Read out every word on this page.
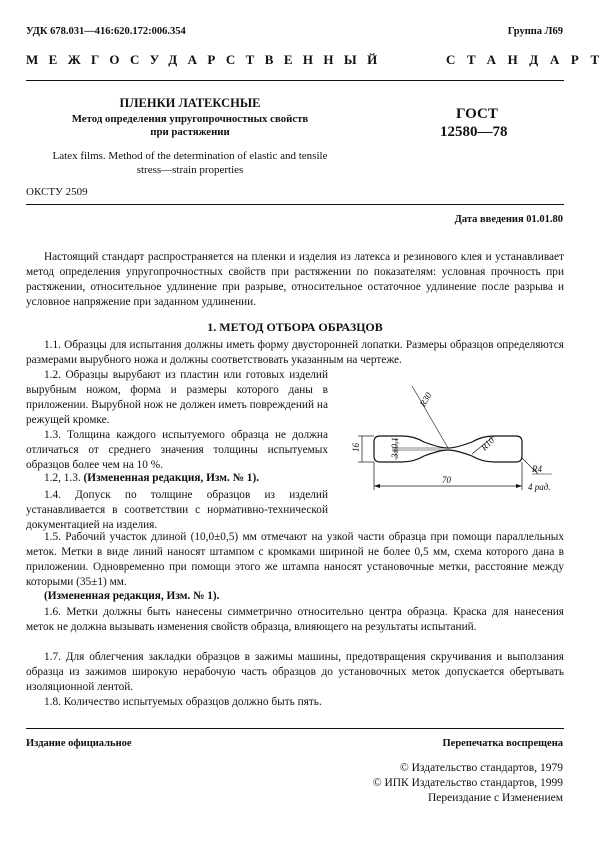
УДК 678.031—416:620.172:006.354	Группа Л69
МЕЖГОСУДАРСТВЕННЫЙ	СТАНДАРТ
ПЛЕНКИ ЛАТЕКСНЫЕ
Метод определения упругопрочностных свойств
при растяжении
Latex films. Method of the determination of elastic and tensile
stress—strain properties
ГОСТ
12580—78
ОКСТУ 2509
Дата введения 01.01.80
Настоящий стандарт распространяется на пленки и изделия из латекса и резинового клея и устанавливает метод определения упругопрочностных свойств при растяжении по показателям: условная прочность при растяжении, относительное удлинение при разрыве, относительное остаточное удлинение после разрыва и условное напряжение при заданном удлинении.
1. МЕТОД ОТБОРА ОБРАЗЦОВ
1.1. Образцы для испытания должны иметь форму двусторонней лопатки. Размеры образцов определяются размерами вырубного ножа и должны соответствовать указанным на чертеже.
1.2. Образцы вырубают из пластин или готовых изделий вырубным ножом, форма и размеры которого даны в приложении. Вырубной нож не должен иметь повреждений на режущей кромке.
1.3. Толщина каждого испытуемого образца не должна отличаться от среднего значения толщины испытуемых образцов более чем на 10 %.
1.2, 1.3. (Измененная редакция, Изм. № 1).
1.4. Допуск по толщине образцов из изделий устанавливается в соответствии с нормативно-технической документацией на изделия.
16	3±0,1
R30
R10
70
R4
4 рад.
1.5. Рабочий участок длиной (10,0±0,5) мм отмечают на узкой части образца при помощи параллельных меток. Метки в виде линий наносят штампом с кромками шириной не более 0,5 мм, схема которого дана в приложении. Одновременно при помощи этого же штампа наносят установочные метки, расстояние между которыми (35±1) мм.
(Измененная редакция, Изм. № 1).
1.6. Метки должны быть нанесены симметрично относительно центра образца. Краска для нанесения меток не должна вызывать изменения свойств образца, влияющего на результаты испытаний.
1.7. Для облегчения закладки образцов в зажимы машины, предотвращения скручивания и выползания образца из зажимов широкую нерабочую часть образцов до установочных меток допускается обертывать изоляционной лентой.
1.8. Количество испытуемых образцов должно быть пять.
Издание официальное	Перепечатка воспрещена
© Издательство стандартов, 1979
© ИПК Издательство стандартов, 1999
Переиздание с Изменением
